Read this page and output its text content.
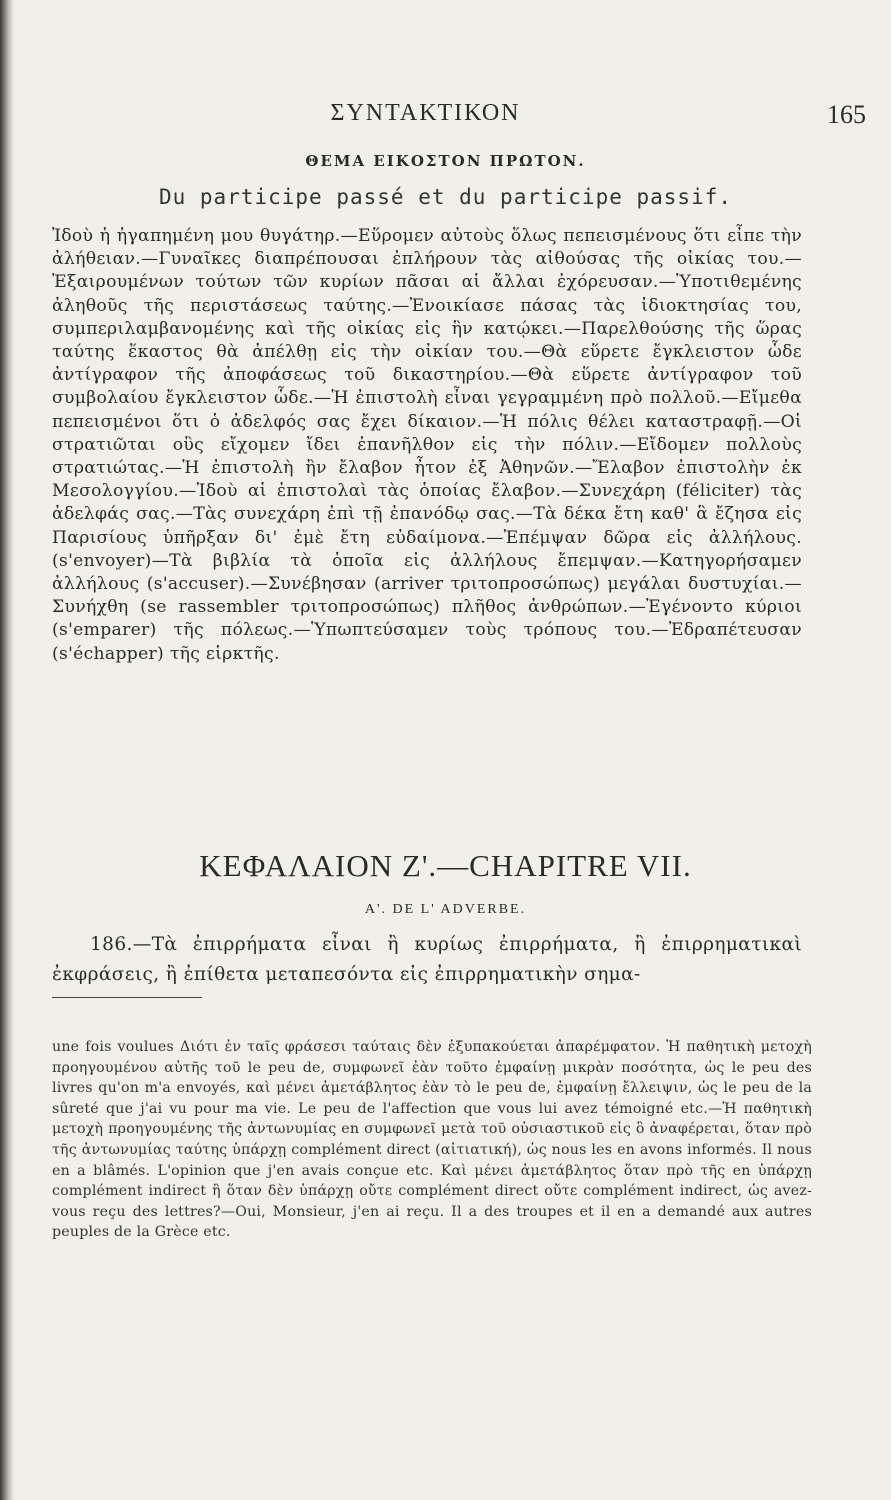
ΣΥΝΤΑΚΤΙΚΟΝ	165
ΘΕΜΑ ΕΙΚΟΣΤΟΝ ΠΡΩΤΟΝ.
Du participe passé et du participe passif.

Ἰδοὺ ἡ ἠγαπημένη μου θυγάτηρ.—Εὕρομεν αὐτοὺς ὅλως πεπεισμένους ὅτι εἶπε τὴν ἀλήθειαν.—Γυναῖκες διαπρέπουσαι ἐπλήρουν τὰς αἰθούσας τῆς οἰκίας του.—Ἐξαιρουμένων τούτων τῶν κυρίων πᾶσαι αἱ ἄλλαι ἐχόρευσαν.—Ὑποτιθεμένης ἀληθοῦς τῆς περιστάσεως ταύτης.—Ἐνοικίασε πάσας τὰς ἰδιοκτησίας του, συμπεριλαμβανομένης καὶ τῆς οἰκίας εἰς ἣν κατῴκει.—Παρελθούσης τῆς ὥρας ταύτης ἕκαστος θὰ ἀπέλθῃ εἰς τὴν οἰκίαν του.—Θὰ εὕρετε ἔγκλειστον ὧδε ἀντίγραφον τῆς ἀποφάσεως τοῦ δικαστηρίου.—Θὰ εὕρετε ἀντίγραφον τοῦ συμβολαίου ἔγκλειστον ὧδε.—Ἡ ἐπιστολὴ εἶναι γεγραμμένη πρὸ πολλοῦ.—Εἴμεθα πεπεισμένοι ὅτι ὁ ἀδελφός σας ἔχει δίκαιον.—Ἡ πόλις θέλει καταστραφῇ.—Οἱ στρατιῶται οὓς εἴχομεν ἴδει ἐπανῆλθον εἰς τὴν πόλιν.—Εἴδομεν πολλοὺς στρατιώτας.—Ἡ ἐπιστολὴ ἣν ἔλαβον ἦτον ἐξ Ἀθηνῶν.—Ἔλαβον ἐπιστολὴν ἐκ Μεσολογγίου.—Ἰδοὺ αἱ ἐπιστολαὶ τὰς ὁποίας ἔλαβον.—Συνεχάρη (féliciter) τὰς ἀδελφάς σας.—Τὰς συνεχάρη ἐπὶ τῇ ἐπανόδῳ σας.—Τὰ δέκα ἔτη καθ' ἃ ἔζησα εἰς Παρισίους ὑπῆρξαν δι' ἐμὲ ἔτη εὐδαίμονα.—Ἐπέμψαν δῶρα εἰς ἀλλήλους. (s'envoyer)—Τὰ βιβλία τὰ ὁποῖα εἰς ἀλλήλους ἔπεμψαν.—Κατηγορήσαμεν ἀλλήλους (s'accuser).—Συνέβησαν (arriver τριτοπροσώπως) μεγάλαι δυστυχίαι.—Συνήχθη (se rassembler τριτοπροσώπως) πλῆθος ἀνθρώπων.—Ἐγένοντο κύριοι (s'emparer) τῆς πόλεως.—Ὑπωπτεύσαμεν τοὺς τρόπους του.—Ἐδραπέτευσαν (s'échapper) τῆς εἱρκτῆς.

ΚΕΦΑΛΑΙΟΝ Ζ'.—CHAPITRE VII.
Α'. DE L' ADVERBE.

186.—Τὰ ἐπιρρήματα εἶναι ἢ κυρίως ἐπιρρήματα, ἢ ἐπιρρηματικαὶ ἐκφράσεις, ἢ ἐπίθετα μεταπεσόντα εἰς ἐπιρρηματικὴν σημα-

une fois voulues Διότι ἐν ταῖς φράσεσι ταύταις δὲν ἐξυπακούεται ἀπαρέμφατον. Ἡ παθητικὴ μετοχὴ προηγουμένου αὐτῆς τοῦ le peu de, συμφωνεῖ ἐὰν τοῦτο ἐμφαίνῃ μικρὰν ποσότητα, ὡς le peu des livres qu'on m'a envoyés, καὶ μένει ἀμετάβλητος ἐὰν τὸ le peu de, ἐμφαίνῃ ἔλλειψιν, ὡς le peu de la sûreté que j'ai vu pour ma vie. Le peu de l'affection que vous lui avez témoigné etc.—Ἡ παθητικὴ μετοχὴ προηγουμένης τῆς ἀντωνυμίας en συμφωνεῖ μετὰ τοῦ οὐσιαστικοῦ εἰς ὃ ἀναφέρεται, ὅταν πρὸ τῆς ἀντωνυμίας ταύτης ὑπάρχῃ complément direct (αἰτιατική), ὡς nous les en avons informés. Il nous en a blâmés. L'opinion que j'en avais conçue etc. Καὶ μένει ἀμετάβλητος ὅταν πρὸ τῆς en ὑπάρχῃ complément indirect ἢ ὅταν δὲν ὑπάρχῃ οὔτε complément direct οὔτε complément indirect, ὡς avez-vous reçu des lettres?—Oui, Monsieur, j'en ai reçu. Il a des troupes et il en a demandé aux autres peuples de la Grèce etc.
